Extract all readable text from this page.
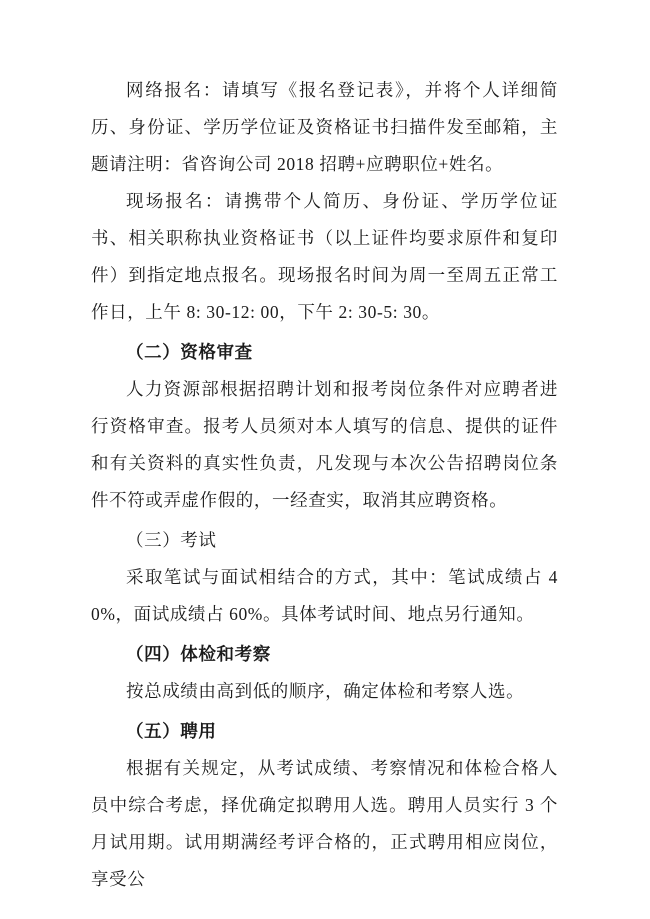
网络报名：请填写《报名登记表》，并将个人详细简历、身份证、学历学位证及资格证书扫描件发至邮箱，主题请注明：省咨询公司 2018 招聘+应聘职位+姓名。

现场报名：请携带个人简历、身份证、学历学位证书、相关职称执业资格证书（以上证件均要求原件和复印件）到指定地点报名。现场报名时间为周一至周五正常工作日，上午 8: 30-12: 00，下午 2: 30-5: 30。

（二）资格审查

人力资源部根据招聘计划和报考岗位条件对应聘者进行资格审查。报考人员须对本人填写的信息、提供的证件和有关资料的真实性负责，凡发现与本次公告招聘岗位条件不符或弄虚作假的，一经查实，取消其应聘资格。

（三）考试

采取笔试与面试相结合的方式，其中：笔试成绩占 40%，面试成绩占 60%。具体考试时间、地点另行通知。

（四）体检和考察

按总成绩由高到低的顺序，确定体检和考察人选。

（五）聘用

根据有关规定，从考试成绩、考察情况和体检合格人员中综合考虑，择优确定拟聘用人选。聘用人员实行 3 个月试用期。试用期满经考评合格的，正式聘用相应岗位，享受公
